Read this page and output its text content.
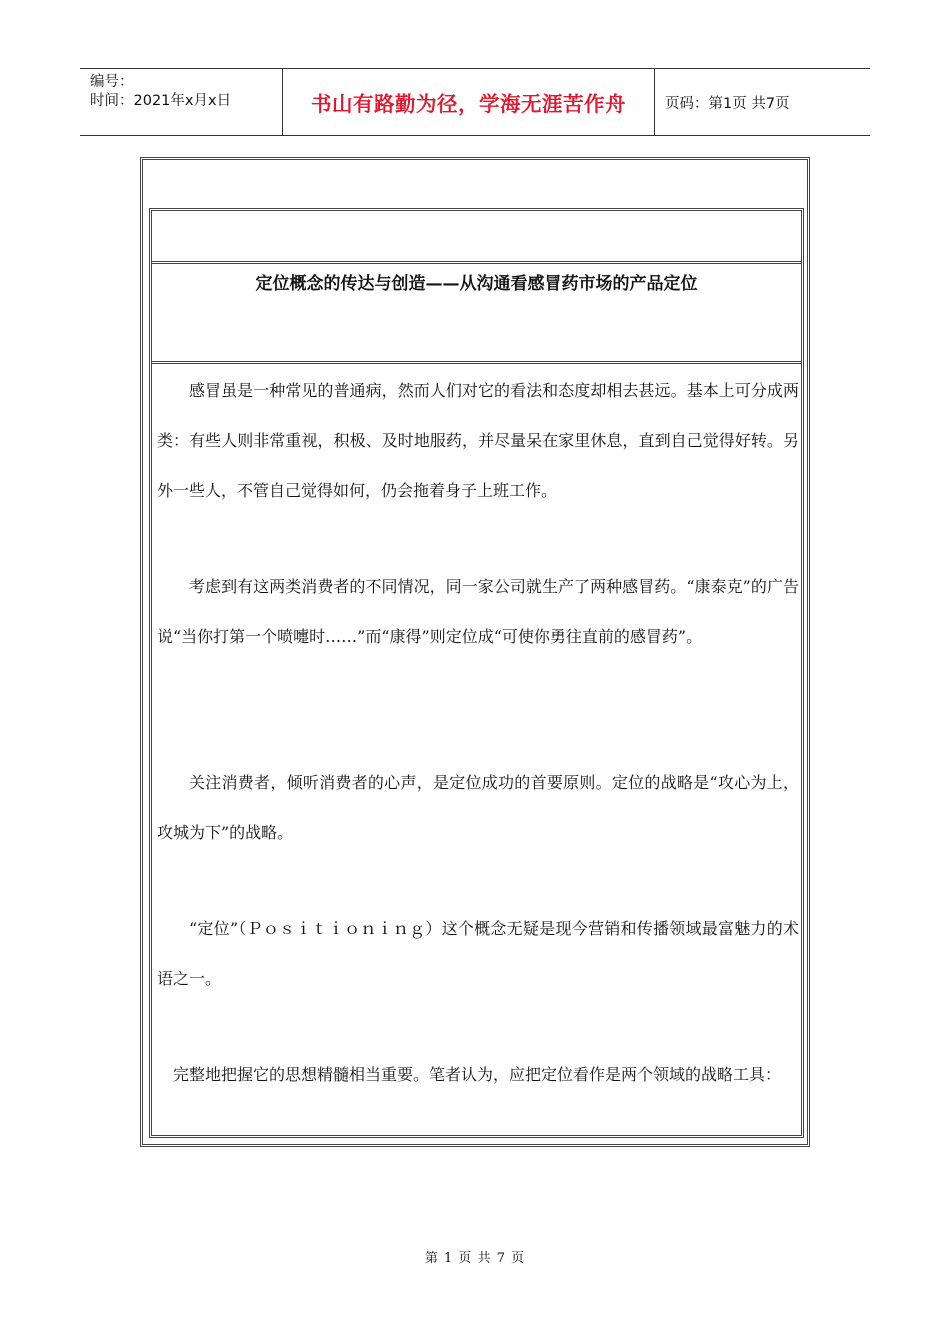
编号：
时间：2021年x月x日	书山有路勤为径，学海无涯苦作舟	页码：第1页 共7页
定位概念的传达与创造——从沟通看感冒药市场的产品定位

感冒虽是一种常见的普通病，然而人们对它的看法和态度却相去甚远。基本上可分成两类：有些人则非常重视，积极、及时地服药，并尽量呆在家里休息，直到自己觉得好转。另外一些人，不管自己觉得如何，仍会拖着身子上班工作。

考虑到有这两类消费者的不同情况，同一家公司就生产了两种感冒药。“康泰克”的广告说“当你打第一个喷嚏时……”而“康得”则定位成“可使你勇往直前的感冒药”。

关注消费者，倾听消费者的心声，是定位成功的首要原则。定位的战略是“攻心为上，攻城为下”的战略。

“定位”（Ｐｏｓｉｔｉｏｎｉｎｇ）这个概念无疑是现今营销和传播领域最富魅力的术语之一。

完整地把握它的思想精髓相当重要。笔者认为，应把定位看作是两个领域的战略工具：

第 1 页 共 7 页
